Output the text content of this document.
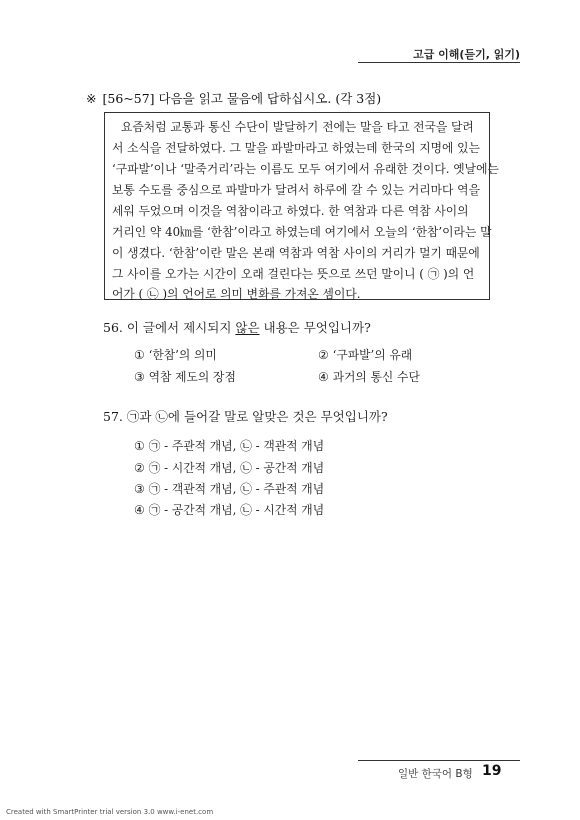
고급 이해(듣기, 읽기)
※ [56~57] 다음을 읽고 물음에 답하십시오. (각 3점)
요즘처럼 교통과 통신 수단이 발달하기 전에는 말을 타고 전국을 달려
서 소식을 전달하였다. 그 말을 파발마라고 하였는데 한국의 지명에 있는
‘구파발’이나 ‘말죽거리’라는 이름도 모두 여기에서 유래한 것이다. 옛날에는
보통 수도를 중심으로 파발마가 달려서 하루에 갈 수 있는 거리마다 역을
세워 두었으며 이것을 역참이라고 하였다. 한 역참과 다른 역참 사이의
거리인 약 40㎞를 ‘한참’이라고 하였는데 여기에서 오늘의 ‘한참’이라는 말
이 생겼다. ‘한참’이란 말은 본래 역참과 역참 사이의 거리가 멀기 때문에
그 사이를 오가는 시간이 오래 걸린다는 뜻으로 쓰던 말이니 ( ㉠ )의 언
어가 ( ㉡ )의 언어로 의미 변화를 가져온 셈이다.
56. 이 글에서 제시되지 않은 내용은 무엇입니까?
① ‘한참’의 의미	② ‘구파발’의 유래
③ 역참 제도의 장점	④ 과거의 통신 수단
57. ㉠과 ㉡에 들어갈 말로 알맞은 것은 무엇입니까?
① ㉠ - 주관적 개념, ㉡ - 객관적 개념
② ㉠ - 시간적 개념, ㉡ - 공간적 개념
③ ㉠ - 객관적 개념, ㉡ - 주관적 개념
④ ㉠ - 공간적 개념, ㉡ - 시간적 개념
일반 한국어 B형 19
Created with SmartPrinter trial version 3.0 www.i-enet.com
